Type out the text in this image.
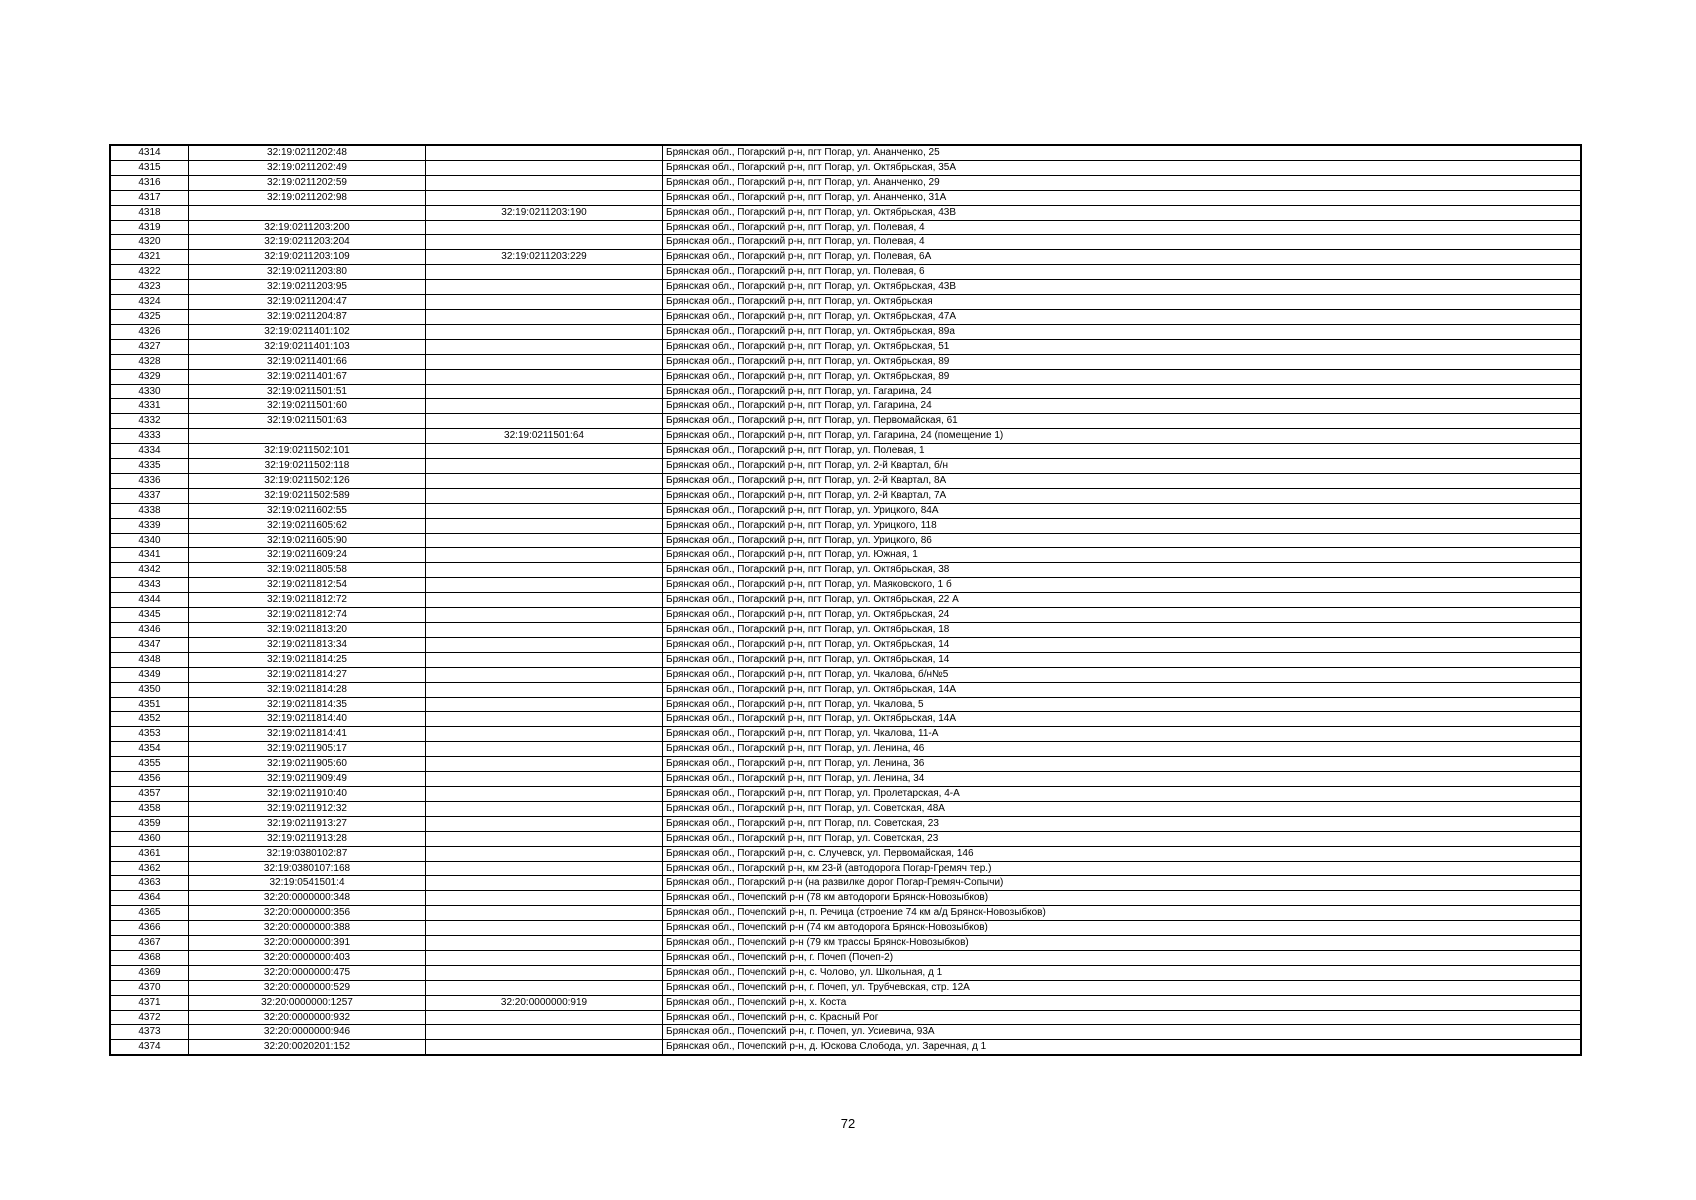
4314	32:19:0211202:48		Брянская обл., Погарский р-н, пгт Погар, ул. Ананченко, 25
4315	32:19:0211202:49		Брянская обл., Погарский р-н, пгт Погар, ул. Октябрьская, 35А
4316	32:19:0211202:59		Брянская обл., Погарский р-н, пгт Погар, ул. Ананченко, 29
4317	32:19:0211202:98		Брянская обл., Погарский р-н, пгт Погар, ул. Ананченко, 31А
4318		32:19:0211203:190	Брянская обл., Погарский р-н, пгт Погар, ул. Октябрьская, 43В
4319	32:19:0211203:200		Брянская обл., Погарский р-н, пгт Погар, ул. Полевая, 4
4320	32:19:0211203:204		Брянская обл., Погарский р-н, пгт Погар, ул. Полевая, 4
4321	32:19:0211203:109	32:19:0211203:229	Брянская обл., Погарский р-н, пгт Погар, ул. Полевая, 6А
4322	32:19:0211203:80		Брянская обл., Погарский р-н, пгт Погар, ул. Полевая, 6
4323	32:19:0211203:95		Брянская обл., Погарский р-н, пгт Погар, ул. Октябрьская, 43В
4324	32:19:0211204:47		Брянская обл., Погарский р-н, пгт Погар, ул. Октябрьская
4325	32:19:0211204:87		Брянская обл., Погарский р-н, пгт Погар, ул. Октябрьская, 47А
4326	32:19:0211401:102		Брянская обл., Погарский р-н, пгт Погар, ул. Октябрьская, 89а
4327	32:19:0211401:103		Брянская обл., Погарский р-н, пгт Погар, ул. Октябрьская, 51
4328	32:19:0211401:66		Брянская обл., Погарский р-н, пгт Погар, ул. Октябрьская, 89
4329	32:19:0211401:67		Брянская обл., Погарский р-н, пгт Погар, ул. Октябрьская, 89
4330	32:19:0211501:51		Брянская обл., Погарский р-н, пгт Погар, ул. Гагарина, 24
4331	32:19:0211501:60		Брянская обл., Погарский р-н, пгт Погар, ул. Гагарина, 24
4332	32:19:0211501:63		Брянская обл., Погарский р-н, пгт Погар, ул. Первомайская, 61
4333		32:19:0211501:64	Брянская обл., Погарский р-н, пгт Погар, ул. Гагарина, 24 (помещение 1)
4334	32:19:0211502:101		Брянская обл., Погарский р-н, пгт Погар, ул. Полевая, 1
4335	32:19:0211502:118		Брянская обл., Погарский р-н, пгт Погар, ул. 2-й Квартал, б/н
4336	32:19:0211502:126		Брянская обл., Погарский р-н, пгт Погар, ул. 2-й Квартал, 8А
4337	32:19:0211502:589		Брянская обл., Погарский р-н, пгт Погар, ул. 2-й Квартал, 7А
4338	32:19:0211602:55		Брянская обл., Погарский р-н, пгт Погар, ул. Урицкого, 84А
4339	32:19:0211605:62		Брянская обл., Погарский р-н, пгт Погар, ул. Урицкого, 118
4340	32:19:0211605:90		Брянская обл., Погарский р-н, пгт Погар, ул. Урицкого, 86
4341	32:19:0211609:24		Брянская обл., Погарский р-н, пгт Погар, ул. Южная, 1
4342	32:19:0211805:58		Брянская обл., Погарский р-н, пгт Погар, ул. Октябрьская, 38
4343	32:19:0211812:54		Брянская обл., Погарский р-н, пгт Погар, ул. Маяковского, 1 б
4344	32:19:0211812:72		Брянская обл., Погарский р-н, пгт Погар, ул. Октябрьская, 22 А
4345	32:19:0211812:74		Брянская обл., Погарский р-н, пгт Погар, ул. Октябрьская, 24
4346	32:19:0211813:20		Брянская обл., Погарский р-н, пгт Погар, ул. Октябрьская, 18
4347	32:19:0211813:34		Брянская обл., Погарский р-н, пгт Погар, ул. Октябрьская, 14
4348	32:19:0211814:25		Брянская обл., Погарский р-н, пгт Погар, ул. Октябрьская, 14
4349	32:19:0211814:27		Брянская обл., Погарский р-н, пгт Погар, ул. Чкалова, б/н№5
4350	32:19:0211814:28		Брянская обл., Погарский р-н, пгт Погар, ул. Октябрьская, 14А
4351	32:19:0211814:35		Брянская обл., Погарский р-н, пгт Погар, ул. Чкалова, 5
4352	32:19:0211814:40		Брянская обл., Погарский р-н, пгт Погар, ул. Октябрьская, 14А
4353	32:19:0211814:41		Брянская обл., Погарский р-н, пгт Погар, ул. Чкалова, 11-А
4354	32:19:0211905:17		Брянская обл., Погарский р-н, пгт Погар, ул. Ленина, 46
4355	32:19:0211905:60		Брянская обл., Погарский р-н, пгт Погар, ул. Ленина, 36
4356	32:19:0211909:49		Брянская обл., Погарский р-н, пгт Погар, ул. Ленина, 34
4357	32:19:0211910:40		Брянская обл., Погарский р-н, пгт Погар, ул. Пролетарская, 4-А
4358	32:19:0211912:32		Брянская обл., Погарский р-н, пгт Погар, ул. Советская, 48А
4359	32:19:0211913:27		Брянская обл., Погарский р-н, пгт Погар, пл. Советская, 23
4360	32:19:0211913:28		Брянская обл., Погарский р-н, пгт Погар, ул. Советская, 23
4361	32:19:0380102:87		Брянская обл., Погарский р-н, с. Случевск, ул. Первомайская, 146
4362	32:19:0380107:168		Брянская обл., Погарский р-н, км 23-й (автодорога Погар-Гремяч тер.)
4363	32:19:0541501:4		Брянская обл., Погарский р-н (на развилке дорог Погар-Гремяч-Сопычи)
4364	32:20:0000000:348		Брянская обл., Почепский р-н (78 км автодороги Брянск-Новозыбков)
4365	32:20:0000000:356		Брянская обл., Почепский р-н, п. Речица (строение 74 км а/д Брянск-Новозыбков)
4366	32:20:0000000:388		Брянская обл., Почепский р-н (74 км автодорога Брянск-Новозыбков)
4367	32:20:0000000:391		Брянская обл., Почепский р-н (79 км трассы Брянск-Новозыбков)
4368	32:20:0000000:403		Брянская обл., Почепский р-н, г. Почеп (Почеп-2)
4369	32:20:0000000:475		Брянская обл., Почепский р-н, с. Чолово, ул. Школьная, д 1
4370	32:20:0000000:529		Брянская обл., Почепский р-н, г. Почеп, ул. Трубчевская, стр. 12А
4371	32:20:0000000:1257	32:20:0000000:919	Брянская обл., Почепский р-н, х. Коста
4372	32:20:0000000:932		Брянская обл., Почепский р-н, с. Красный Рог
4373	32:20:0000000:946		Брянская обл., Почепский р-н, г. Почеп, ул. Усиевича, 93А
4374	32:20:0020201:152		Брянская обл., Почепский р-н, д. Юскова Слобода, ул. Заречная, д 1
72
